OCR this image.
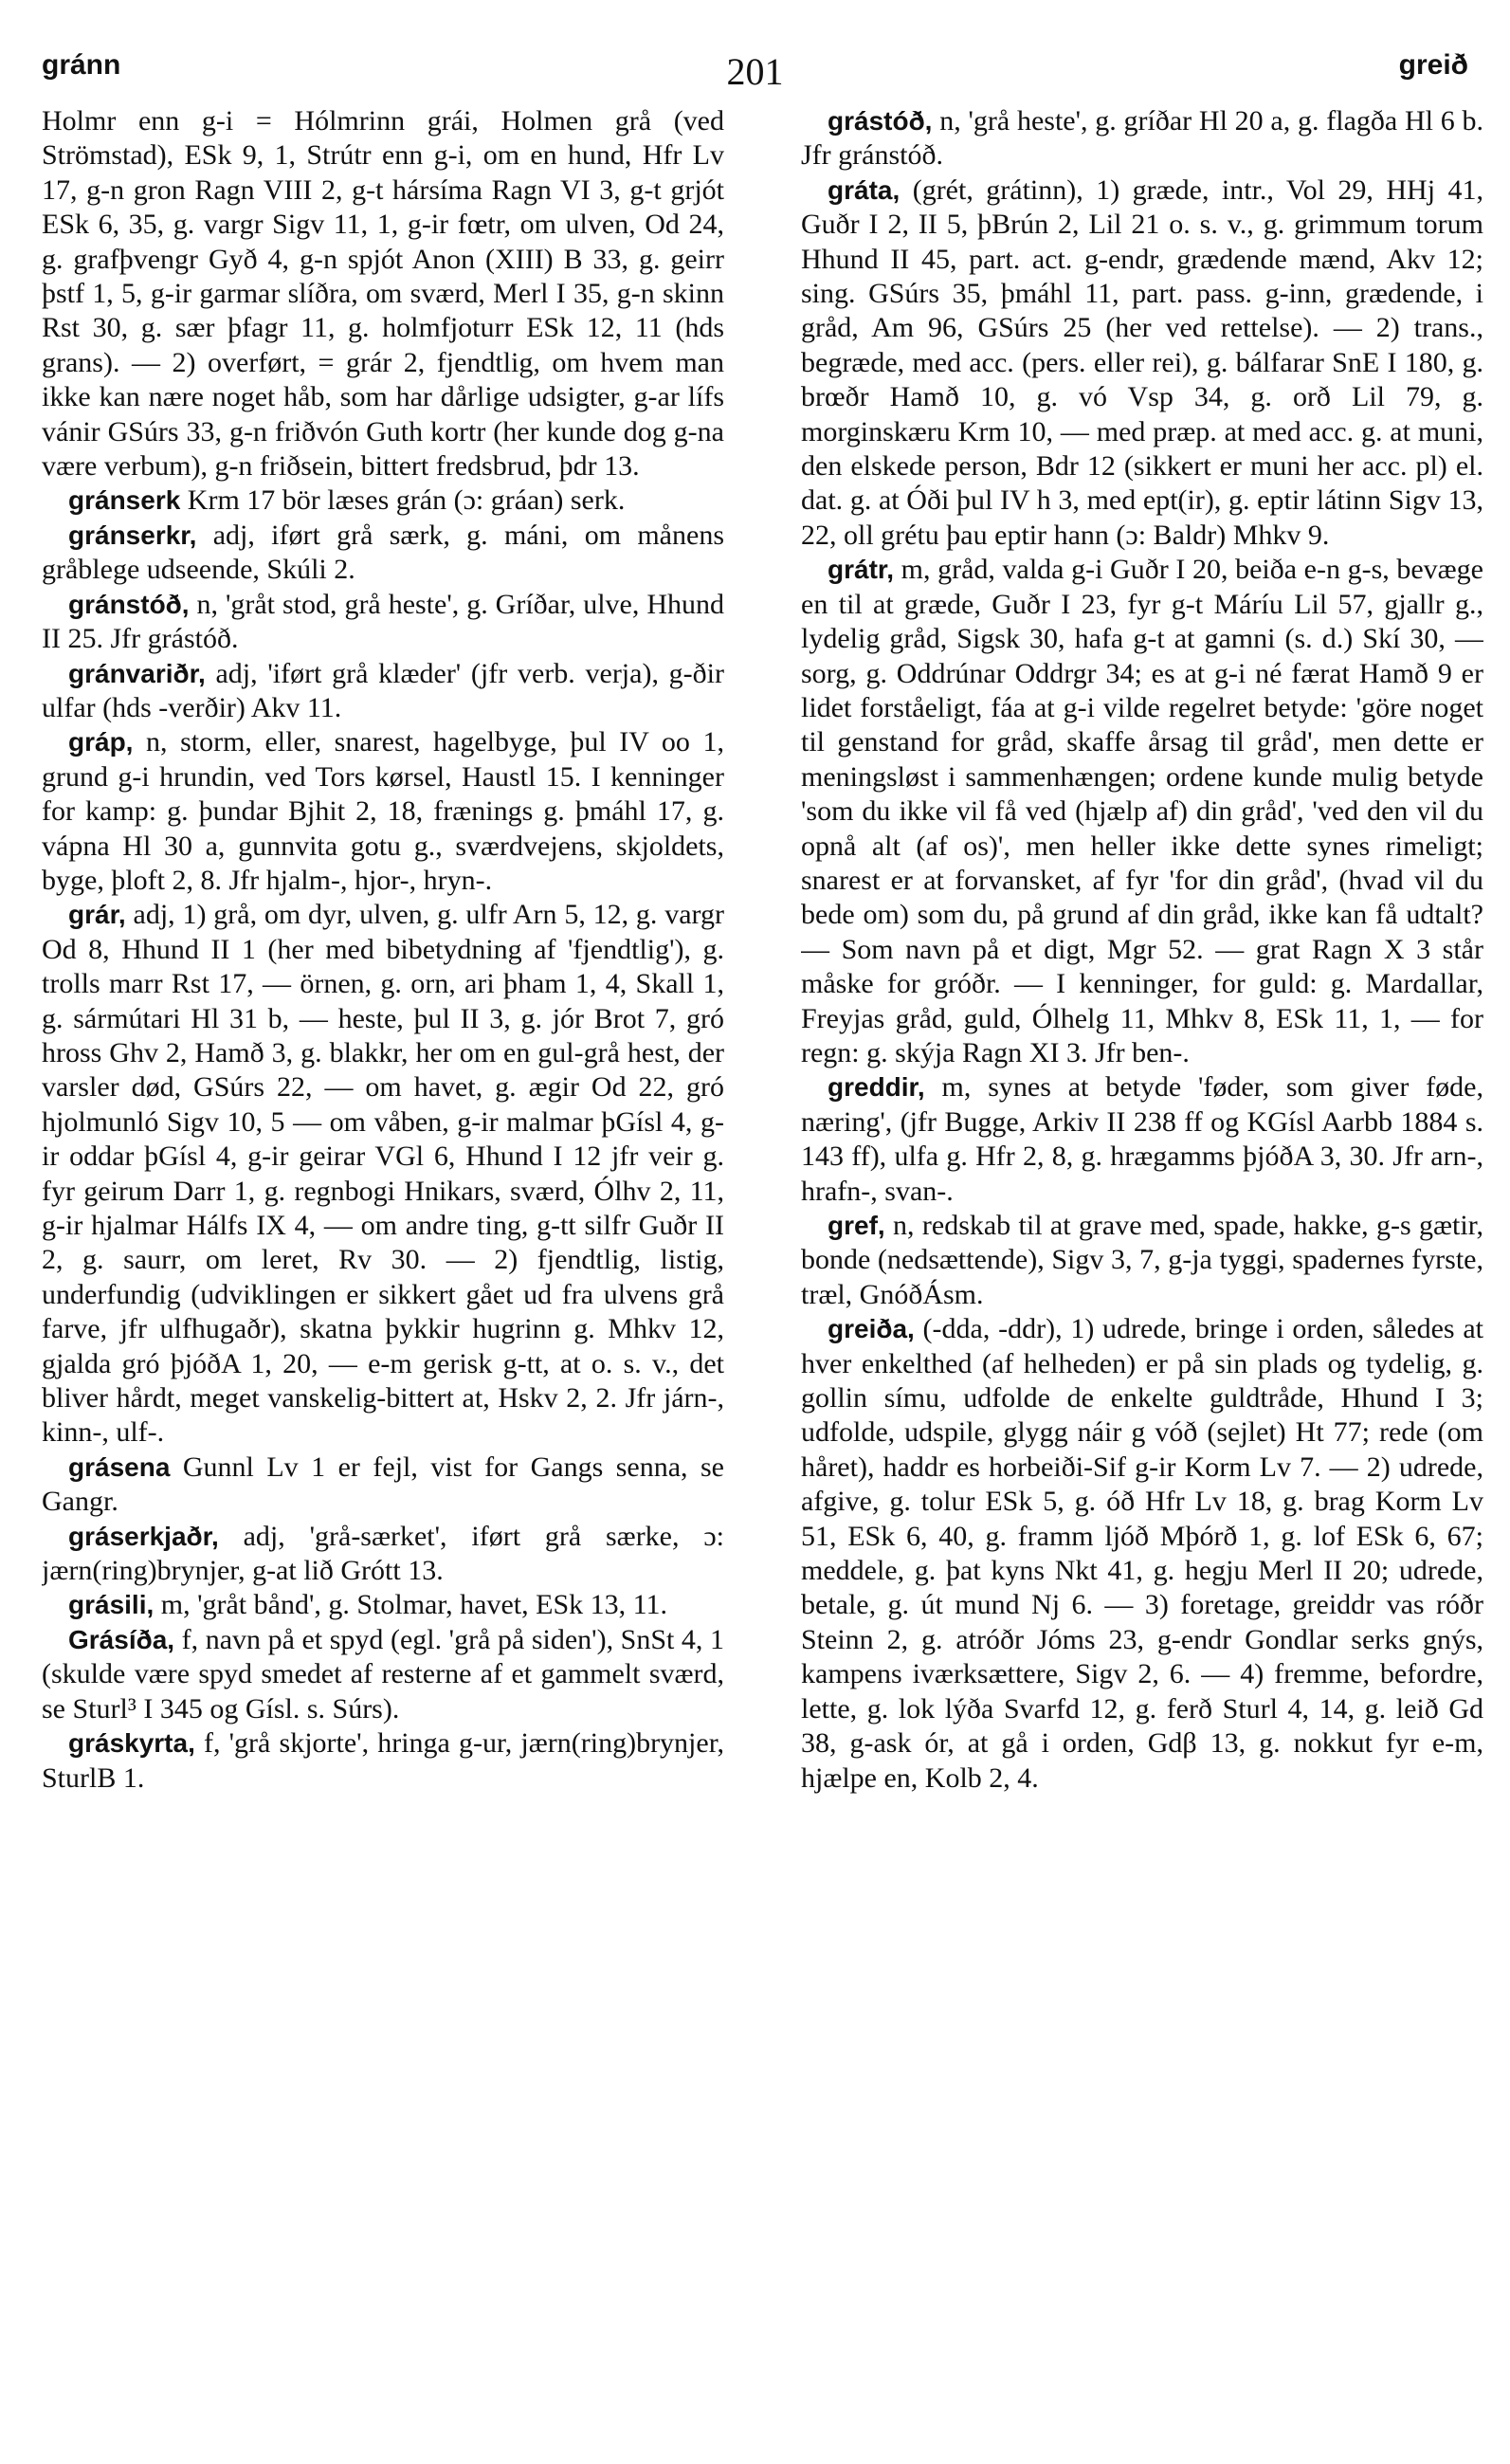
gránn	201	greið

Holmr enn g-i = Hólmrinn grái, Holmen grå (ved Strömstad), ESk 9, 1, Strútr enn g-i, om en hund, Hfr Lv 17, g-n gron Ragn VIII 2, g-t hársíma Ragn VI 3, g-t grjót ESk 6, 35, g. vargr Sigv 11, 1, g-ir fœtr, om ulven, Od 24, g. grafþvengr Gyð 4, g-n spjót Anon (XIII) B 33, g. geirr þstf 1, 5, g-ir garmar slíðra, om sværd, Merl I 35, g-n skinn Rst 30, g. sær þfagr 11, g. holmfjoturr ESk 12, 11 (hds grans). — 2) overført, = grár 2, fjendtlig, om hvem man ikke kan nære noget håb, som har dårlige udsigter, g-ar lífs vánir GSúrs 33, g-n friðvón Guth kortr (her kunde dog g-na være verbum), g-n friðsein, bittert fredsbrud, þdr 13.

gránserk Krm 17 bör læses grán (ɔ: gráan) serk.

gránserkr, adj, iført grå særk, g. máni, om månens gråblege udseende, Skúli 2.

gránstóð, n, 'gråt stod, grå heste', g. Gríðar, ulve, Hhund II 25. Jfr grástóð.

gránvariðr, adj, 'iført grå klæder' (jfr verb. verja), g-ðir ulfar (hds -verðir) Akv 11.

gráp, n, storm, eller, snarest, hagelbyge, þul IV oo 1, grund g-i hrundin, ved Tors kørsel, Haustl 15. I kenninger for kamp: g. þundar Bjhit 2, 18, frænings g. þmáhl 17, g. vápna Hl 30 a, gunnvita gotu g., sværdvejens, skjoldets, byge, þloft 2, 8. Jfr hjalm-, hjor-, hryn-.

grár, adj, 1) grå, om dyr, ulven, g. ulfr Arn 5, 12, g. vargr Od 8, Hhund II 1 (her med bibetydning af 'fjendtlig'), g. trolls marr Rst 17, — örnen, g. orn, ari þham 1, 4, Skall 1, g. sármútari Hl 31 b, — heste, þul II 3, g. jór Brot 7, gró hross Ghv 2, Hamð 3, g. blakkr, her om en gul-grå hest, der varsler død, GSúrs 22, — om havet, g. ægir Od 22, gró hjolmunló Sigv 10, 5 — om våben, g-ir malmar þGísl 4, g-ir oddar þGísl 4, g-ir geirar VGl 6, Hhund I 12 jfr veir g. fyr geirum Darr 1, g. regnbogi Hnikars, sværd, Ólhv 2, 11, g-ir hjalmar Hálfs IX 4, — om andre ting, g-tt silfr Guðr II 2, g. saurr, om leret, Rv 30. — 2) fjendtlig, listig, underfundig (udviklingen er sikkert gået ud fra ulvens grå farve, jfr ulfhugaðr), skatna þykkir hugrinn g. Mhkv 12, gjalda gró þjóðA 1, 20, — e-m gerisk g-tt, at o. s. v., det bliver hårdt, meget vanskelig-bittert at, Hskv 2, 2. Jfr járn-, kinn-, ulf-.

grásena Gunnl Lv 1 er fejl, vist for Gangs senna, se Gangr.

gráserkjaðr, adj, 'grå-særket', iført grå særke, ɔ: jærn(ring)brynjer, g-at lið Grótt 13.

grásili, m, 'gråt bånd', g. Stolmar, havet, ESk 13, 11.

Grásíða, f, navn på et spyd (egl. 'grå på siden'), SnSt 4, 1 (skulde være spyd smedet af resterne af et gammelt sværd, se Sturl³ I 345 og Gísl. s. Súrs).

gráskyrta, f, 'grå skjorte', hringa g-ur, jærn(ring)brynjer, SturlB 1.

grástóð, n, 'grå heste', g. gríðar Hl 20 a, g. flagða Hl 6 b. Jfr gránstóð.

gráta, (grét, grátinn), 1) græde, intr., Vol 29, HHj 41, Guðr I 2, II 5, þBrún 2, Lil 21 o. s. v., g. grimmum torum Hhund II 45, part. act. g-endr, grædende mænd, Akv 12; sing. GSúrs 35, þmáhl 11, part. pass. g-inn, grædende, i gråd, Am 96, GSúrs 25 (her ved rettelse). — 2) trans., begræde, med acc. (pers. eller rei), g. bálfarar SnE I 180, g. brœðr Hamð 10, g. vó Vsp 34, g. orð Lil 79, g. morginskæru Krm 10, — med præp. at med acc. g. at muni, den elskede person, Bdr 12 (sikkert er muni her acc. pl) el. dat. g. at Óði þul IV h 3, med ept(ir), g. eptir látinn Sigv 13, 22, oll grétu þau eptir hann (ɔ: Baldr) Mhkv 9.

grátr, m, gråd, valda g-i Guðr I 20, beiða e-n g-s, bevæge en til at græde, Guðr I 23, fyr g-t Máríu Lil 57, gjallr g., lydelig gråd, Sigsk 30, hafa g-t at gamni (s. d.) Skí 30, — sorg, g. Oddrúnar Oddrgr 34; es at g-i né færat Hamð 9 er lidet forståeligt, fáa at g-i vilde regelret betyde: 'göre noget til genstand for gråd, skaffe årsag til gråd', men dette er meningsløst i sammenhængen; ordene kunde mulig betyde 'som du ikke vil få ved (hjælp af) din gråd', 'ved den vil du opnå alt (af os)', men heller ikke dette synes rimeligt; snarest er at forvansket, af fyr 'for din gråd', (hvad vil du bede om) som du, på grund af din gråd, ikke kan få udtalt? — Som navn på et digt, Mgr 52. — grat Ragn X 3 står måske for gróðr. — I kenninger, for guld: g. Mardallar, Freyjas gråd, guld, Ólhelg 11, Mhkv 8, ESk 11, 1, — for regn: g. skýja Ragn XI 3. Jfr ben-.

greddir, m, synes at betyde 'føder, som giver føde, næring', (jfr Bugge, Arkiv II 238 ff og KGísl Aarbb 1884 s. 143 ff), ulfa g. Hfr 2, 8, g. hrægamms þjóðA 3, 30. Jfr arn-, hrafn-, svan-.

gref, n, redskab til at grave med, spade, hakke, g-s gætir, bonde (nedsættende), Sigv 3, 7, g-ja tyggi, spadernes fyrste, træl, GnóðÁsm.

greiða, (-dda, -ddr), 1) udrede, bringe i orden, således at hver enkelthed (af helheden) er på sin plads og tydelig, g. gollin símu, udfolde de enkelte guldtråde, Hhund I 3; udfolde, udspile, glygg náir g vóð (sejlet) Ht 77; rede (om håret), haddr es horbeiði-Sif g-ir Korm Lv 7. — 2) udrede, afgive, g. tolur ESk 5, g. óð Hfr Lv 18, g. brag Korm Lv 51, ESk 6, 40, g. framm ljóð Mþórð 1, g. lof ESk 6, 67; meddele, g. þat kyns Nkt 41, g. hegju Merl II 20; udrede, betale, g. út mund Nj 6. — 3) foretage, greiddr vas róðr Steinn 2, g. atróðr Jóms 23, g-endr Gondlar serks gnýs, kampens iværksættere, Sigv 2, 6. — 4) fremme, befordre, lette, g. lok lýða Svarfd 12, g. ferð Sturl 4, 14, g. leið Gd 38, g-ask ór, at gå i orden, Gdβ 13, g. nokkut fyr e-m, hjælpe en, Kolb 2, 4.
